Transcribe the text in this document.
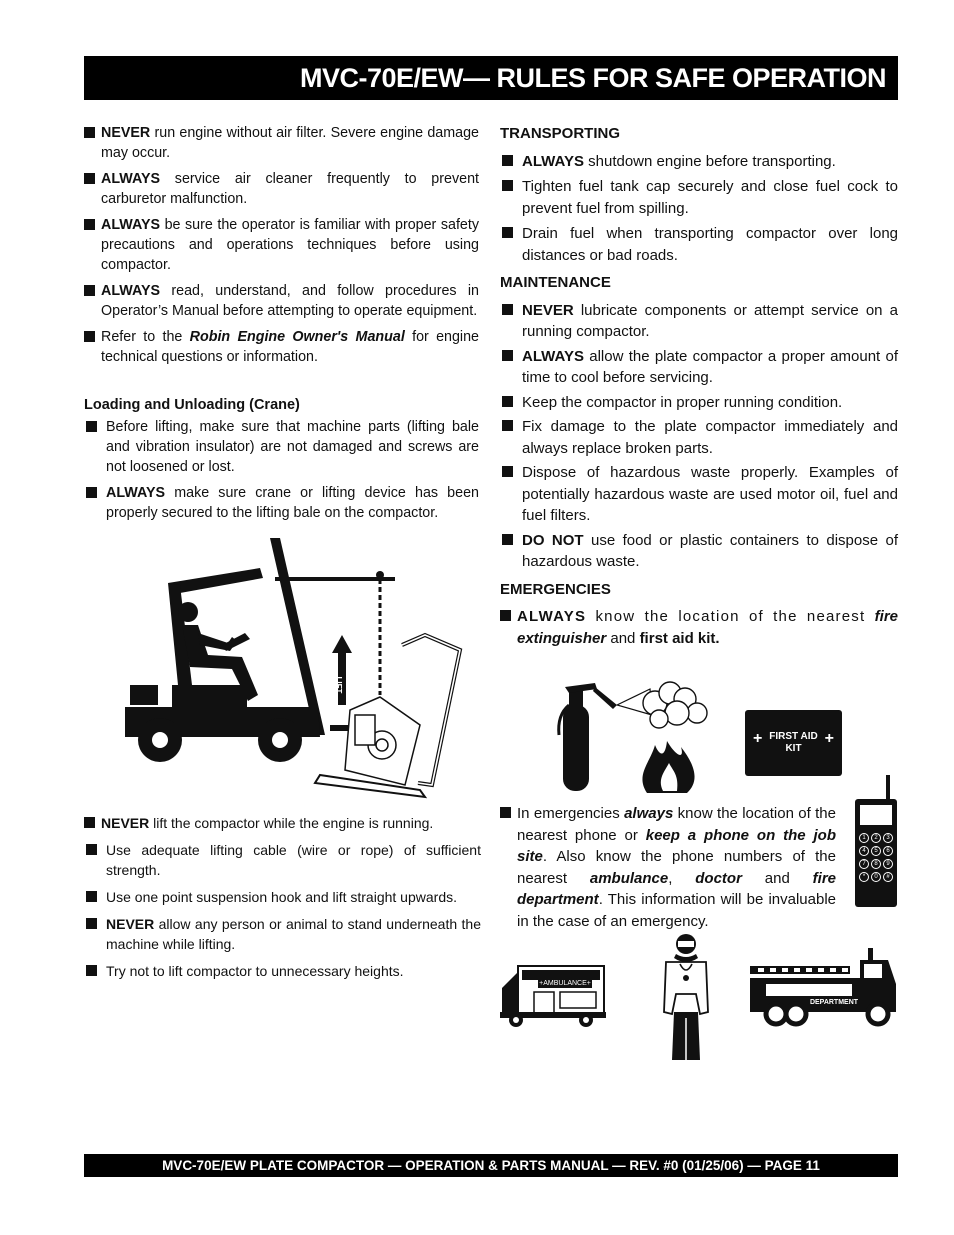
MVC-70E/EW— RULES FOR SAFE OPERATION
NEVER run engine without air filter. Severe engine damage may occur.
ALWAYS service air cleaner frequently to prevent carburetor malfunction.
ALWAYS be sure the operator is familiar with proper safety precautions and operations techniques before using compactor.
ALWAYS read, understand, and follow procedures in Operator’s Manual before attempting to operate equipment.
Refer to the Robin Engine Owner's Manual for engine technical questions or information.
Loading and Unloading (Crane)
Before lifting, make sure that machine parts (lifting bale and vibration insulator) are not damaged and screws are not loosened or lost.
ALWAYS make sure crane or lifting device has been properly secured to the lifting bale on the compactor.
LIFT
NEVER lift the compactor while the engine is running.
Use adequate lifting cable (wire or rope) of sufficient strength.
Use one point suspension hook and lift straight upwards.
NEVER allow any person or animal to stand underneath the machine while lifting.
Try not to lift compactor to unnecessary heights.
TRANSPORTING
ALWAYS shutdown engine before transporting.
Tighten fuel tank cap securely and close fuel cock to prevent fuel from spilling.
Drain fuel when transporting compactor over long distances or bad roads.
MAINTENANCE
NEVER lubricate components or attempt service on a running compactor.
ALWAYS allow the plate compactor a proper amount of time to cool before servicing.
Keep the compactor in proper running condition.
Fix damage to the plate compactor immediately and always replace broken parts.
Dispose of hazardous waste properly. Examples of potentially hazardous waste are used motor oil, fuel and fuel filters.
DO NOT use food or plastic containers to dispose of hazardous waste.
EMERGENCIES
ALWAYS know the location of the nearest fire extinguisher and first aid kit.
+	+
FIRST AID
KIT
In emergencies always know the location of the nearest phone or keep a phone on the job site. Also know the phone numbers of the nearest ambulance, doctor and fire department. This information will be invaluable in the case of an emergency.
1	2	3
4	5	6
7	8	9
*	0	#
+AMBULANCE+
FIRE
DEPARTMENT
MVC-70E/EW PLATE COMPACTOR — OPERATION & PARTS MANUAL — REV. #0 (01/25/06) — PAGE 11
